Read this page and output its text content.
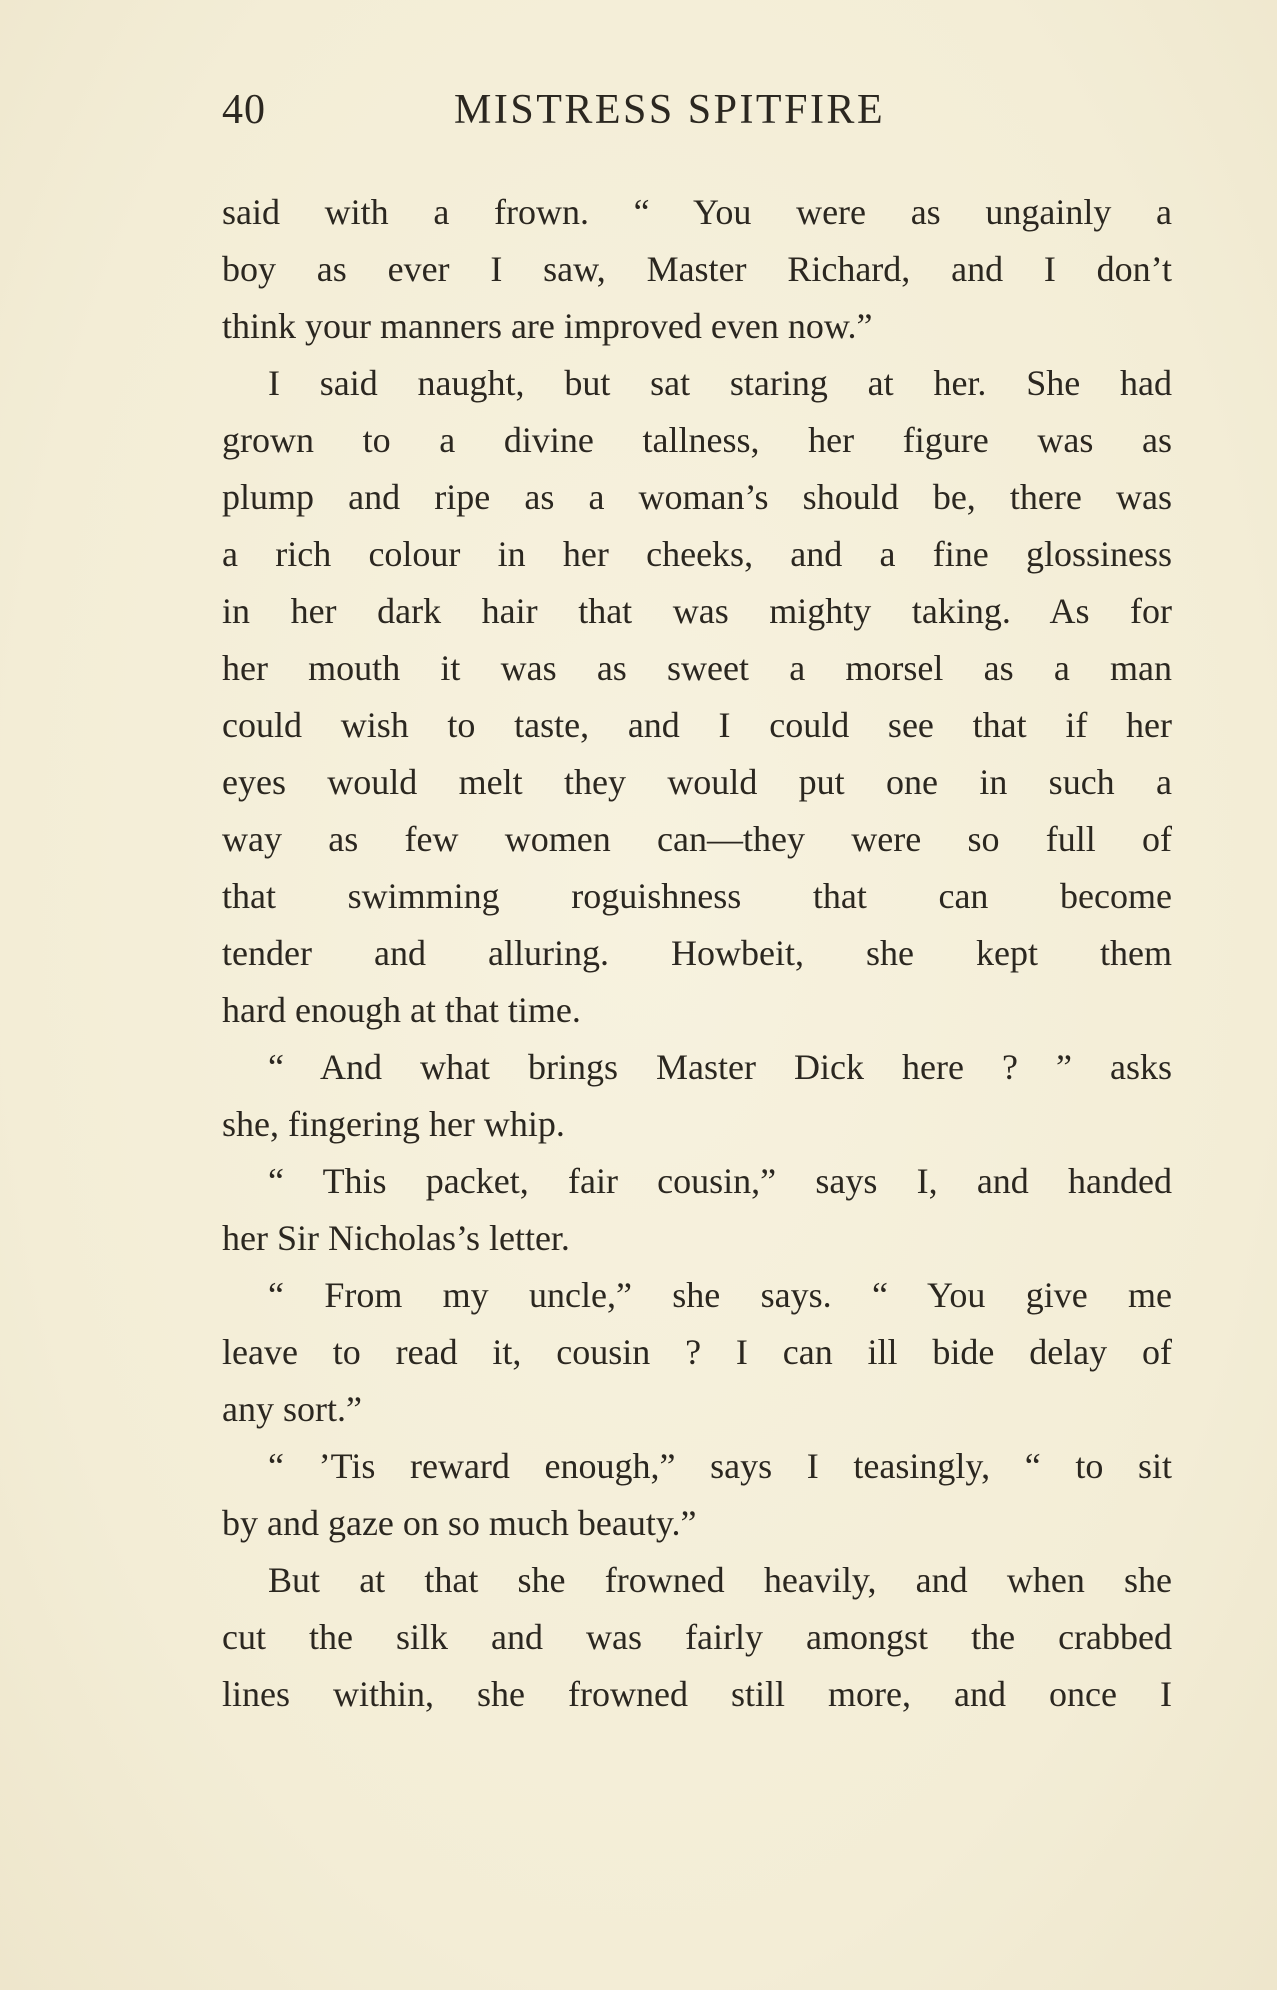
40	MISTRESS SPITFIRE
said with a frown. “ You were as ungainly a
boy as ever I saw, Master Richard, and I don’t
think your manners are improved even now.”
I said naught, but sat staring at her. She had
grown to a divine tallness, her figure was as
plump and ripe as a woman’s should be, there was
a rich colour in her cheeks, and a fine glossiness
in her dark hair that was mighty taking. As for
her mouth it was as sweet a morsel as a man
could wish to taste, and I could see that if her
eyes would melt they would put one in such a
way as few women can—they were so full of
that swimming roguishness that can become
tender and alluring. Howbeit, she kept them
hard enough at that time.
“ And what brings Master Dick here ? ” asks
she, fingering her whip.
“ This packet, fair cousin,” says I, and handed
her Sir Nicholas’s letter.
“ From my uncle,” she says. “ You give me
leave to read it, cousin ? I can ill bide delay of
any sort.”
“ ’Tis reward enough,” says I teasingly, “ to sit
by and gaze on so much beauty.”
But at that she frowned heavily, and when she
cut the silk and was fairly amongst the crabbed
lines within, she frowned still more, and once I
